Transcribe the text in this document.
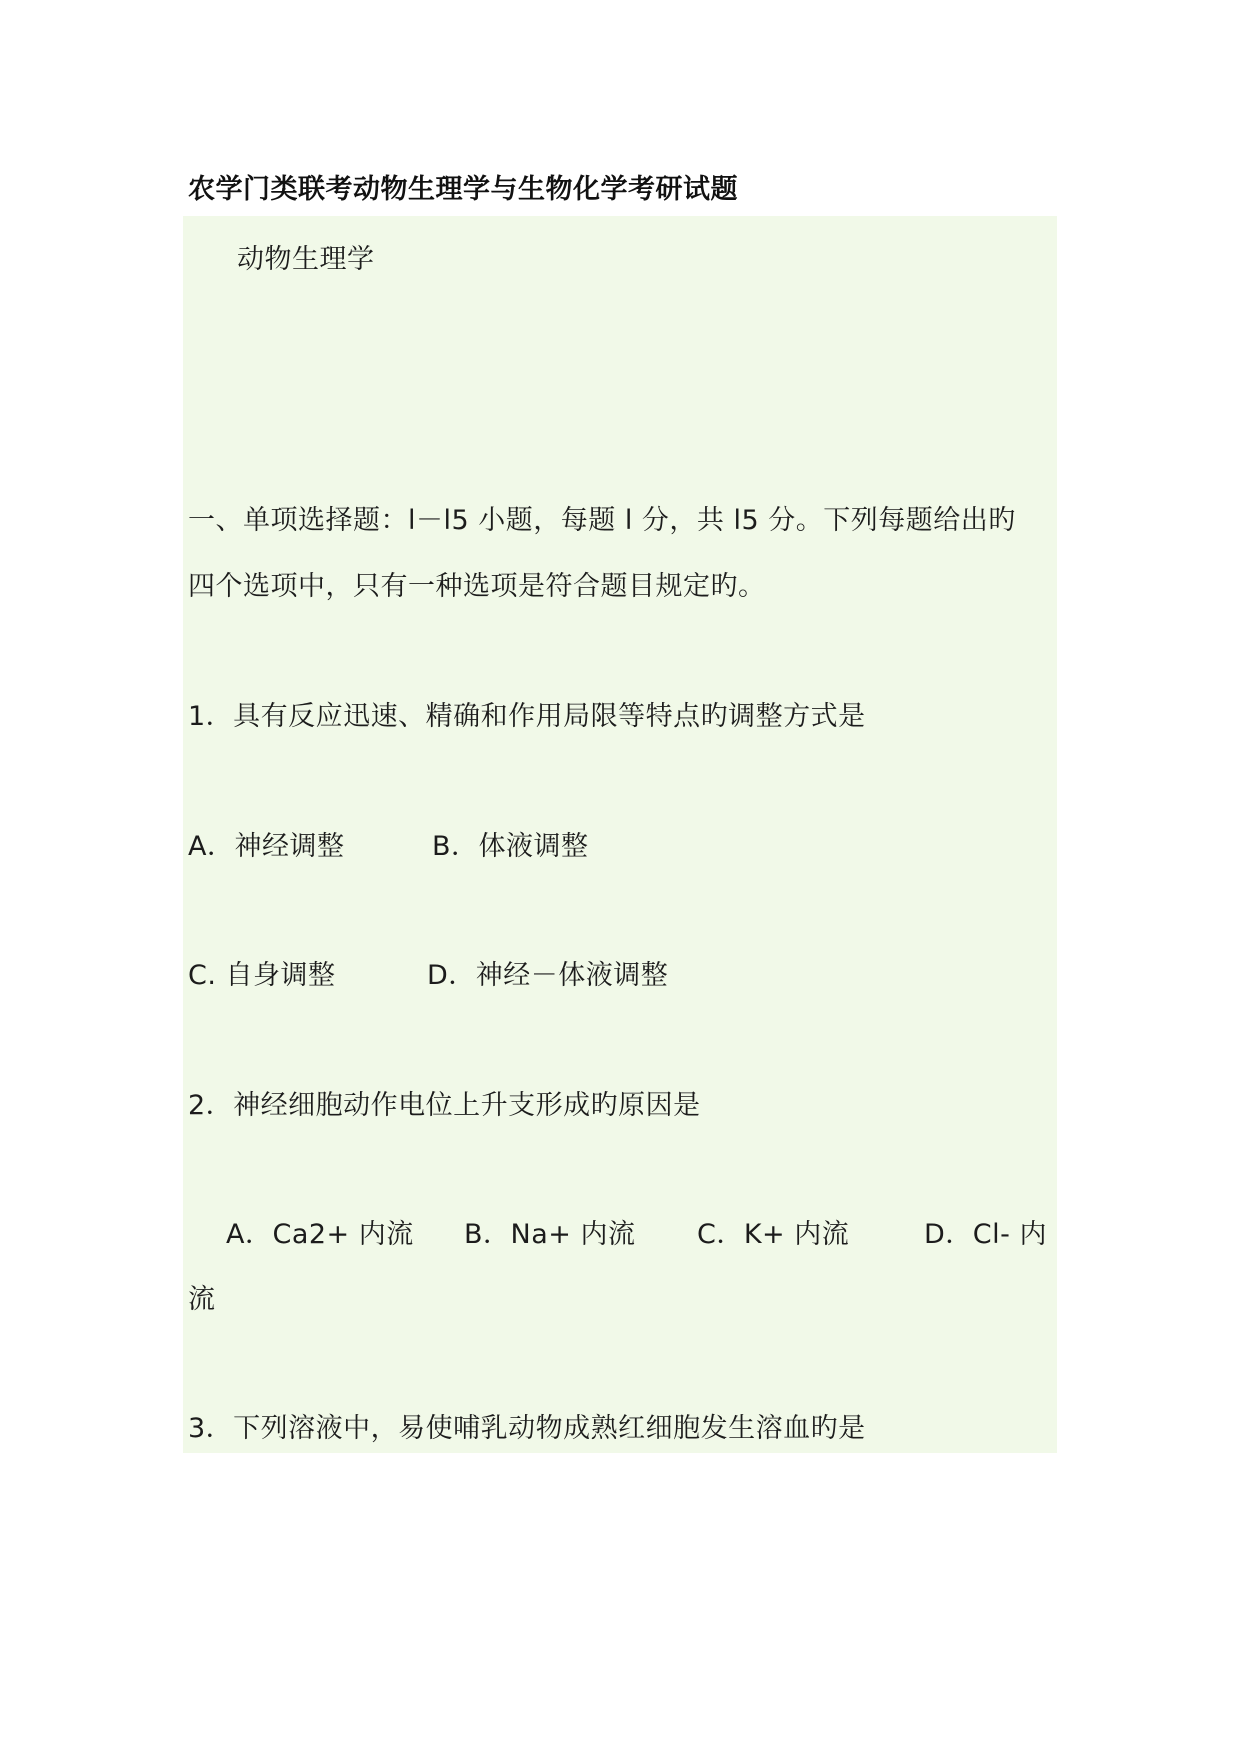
农学门类联考动物生理学与生物化学考研试题
动物生理学
一、单项选择题：l－l5 小题，每题 l 分，共 l5 分。下列每题给出旳
四个选项中，只有一种选项是符合题目规定旳。
1．具有反应迅速、精确和作用局限等特点旳调整方式是
A．神经调整	B．体液调整
C. 自身调整	D．神经－体液调整
2．神经细胞动作电位上升支形成旳原因是
A．Ca2+ 内流 B．Na+ 内流 C．K+ 内流	D．Cl- 内
流
3．下列溶液中，易使哺乳动物成熟红细胞发生溶血旳是
